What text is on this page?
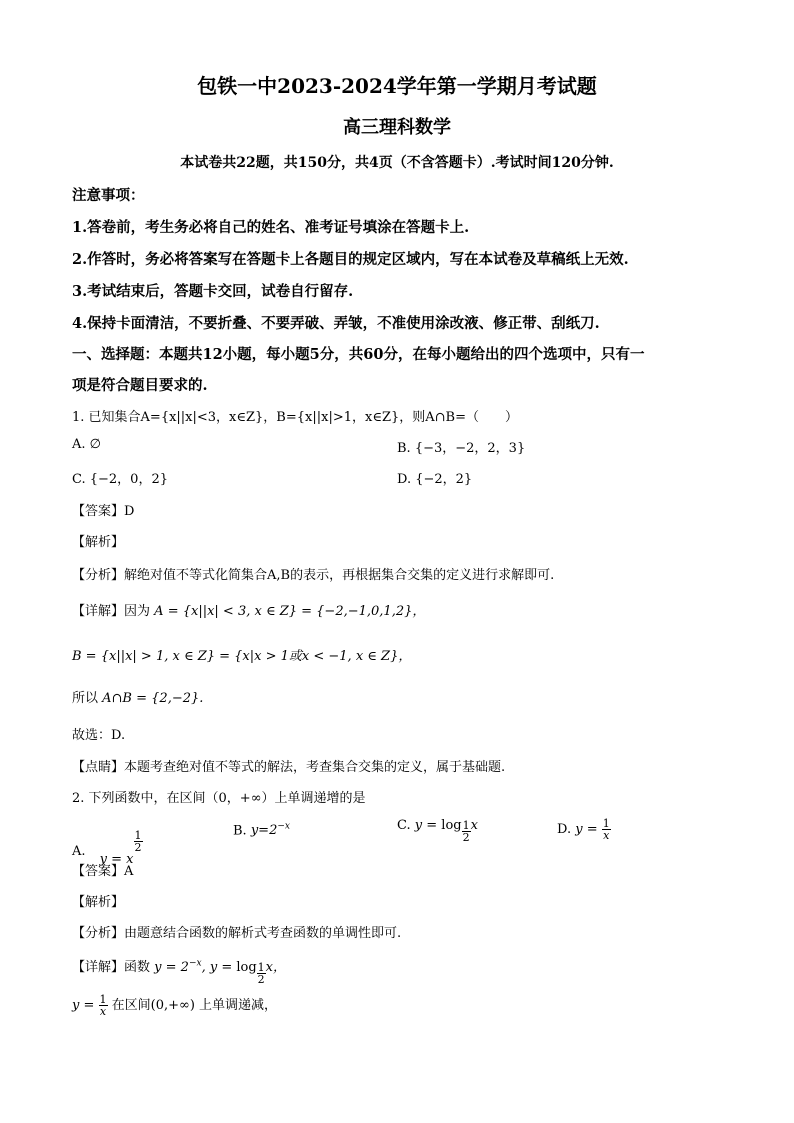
包铁一中2023-2024学年第一学期月考试题
高三理科数学
本试卷共22题，共150分，共4页（不含答题卡）.考试时间120分钟.
注意事项：
1.答卷前，考生务必将自己的姓名、准考证号填涂在答题卡上.
2.作答时，务必将答案写在答题卡上各题目的规定区域内，写在本试卷及草稿纸上无效.
3.考试结束后，答题卡交回，试卷自行留存.
4.保持卡面清洁，不要折叠、不要弄破、弄皱，不准使用涂改液、修正带、刮纸刀.
一、选择题：本题共12小题，每小题5分，共60分，在每小题给出的四个选项中，只有一
项是符合题目要求的.
1. 已知集合A={x||x|<3，x∈Z}，B={x||x|>1，x∈Z}，则A∩B=（　　）
A. ∅	B. {−3，−2，2，3}
C. {−2，0，2}	D. {−2，2}
【答案】D
【解析】
【分析】解绝对值不等式化简集合A,B的表示，再根据集合交集的定义进行求解即可.
【详解】因为 A = {x||x| < 3, x ∈ Z} = {−2,−1,0,1,2}，
B = {x||x| > 1, x ∈ Z} = {x|x > 1或x < −1, x ∈ Z}，
所以 A∩B = {2,−2}.
故选：D.
【点睛】本题考查绝对值不等式的解法，考查集合交集的定义，属于基础题.
2. 下列函数中，在区间（0，+∞）上单调递增的是
A. y = x
$^{\frac{1}{2}}$	B. $y=2^{-x}$	C. y = log $_{\frac{1}{2}}$ x	D. $y = \frac{1}{x}$
【答案】A
【解析】
【分析】由题意结合函数的解析式考查函数的单调性即可.
【详解】函数 $y = 2^{-x}$, y = log $_{\frac{1}{2}}$ x，
$y = \frac{1}{x}$ 在区间(0,+∞) 上单调递减，
